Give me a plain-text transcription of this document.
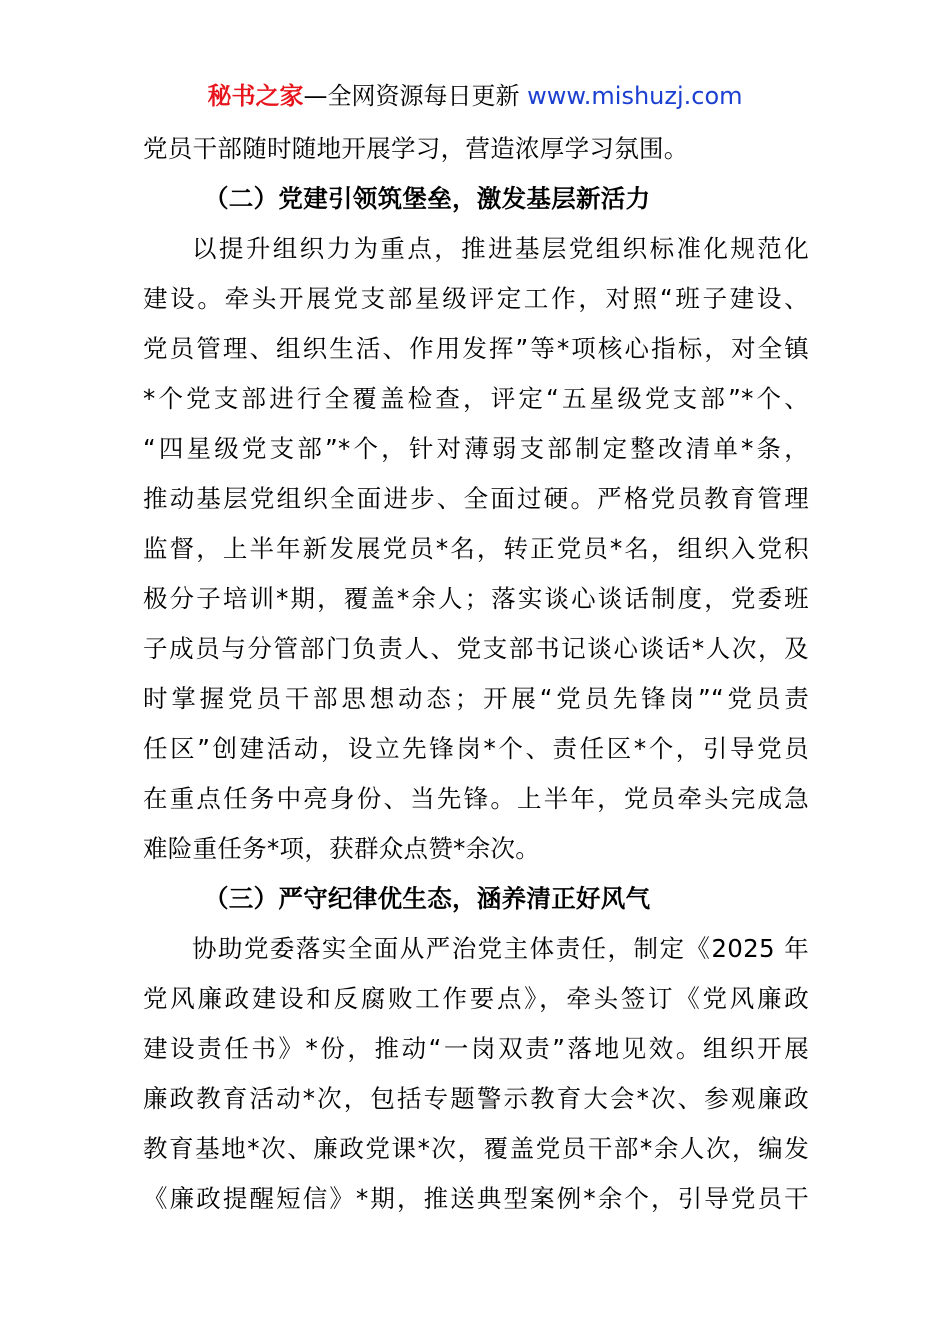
秘书之家—全网资源每日更新 www.mishuzj.com
党员干部随时随地开展学习，营造浓厚学习氛围。
（二）党建引领筑堡垒，激发基层新活力
以提升组织力为重点，推进基层党组织标准化规范化
建设。牵头开展党支部星级评定工作，对照“班子建设、
党员管理、组织生活、作用发挥”等*项核心指标，对全镇
*个党支部进行全覆盖检查，评定“五星级党支部”*个、
“四星级党支部”*个，针对薄弱支部制定整改清单*条，
推动基层党组织全面进步、全面过硬。严格党员教育管理
监督，上半年新发展党员*名，转正党员*名，组织入党积
极分子培训*期，覆盖*余人；落实谈心谈话制度，党委班
子成员与分管部门负责人、党支部书记谈心谈话*人次，及
时掌握党员干部思想动态；开展“党员先锋岗”“党员责
任区”创建活动，设立先锋岗*个、责任区*个，引导党员
在重点任务中亮身份、当先锋。上半年，党员牵头完成急
难险重任务*项，获群众点赞*余次。
（三）严守纪律优生态，涵养清正好风气
协助党委落实全面从严治党主体责任，制定《2025 年
党风廉政建设和反腐败工作要点》，牵头签订《党风廉政
建设责任书》*份，推动“一岗双责”落地见效。组织开展
廉政教育活动*次，包括专题警示教育大会*次、参观廉政
教育基地*次、廉政党课*次，覆盖党员干部*余人次，编发
《廉政提醒短信》*期，推送典型案例*余个，引导党员干
